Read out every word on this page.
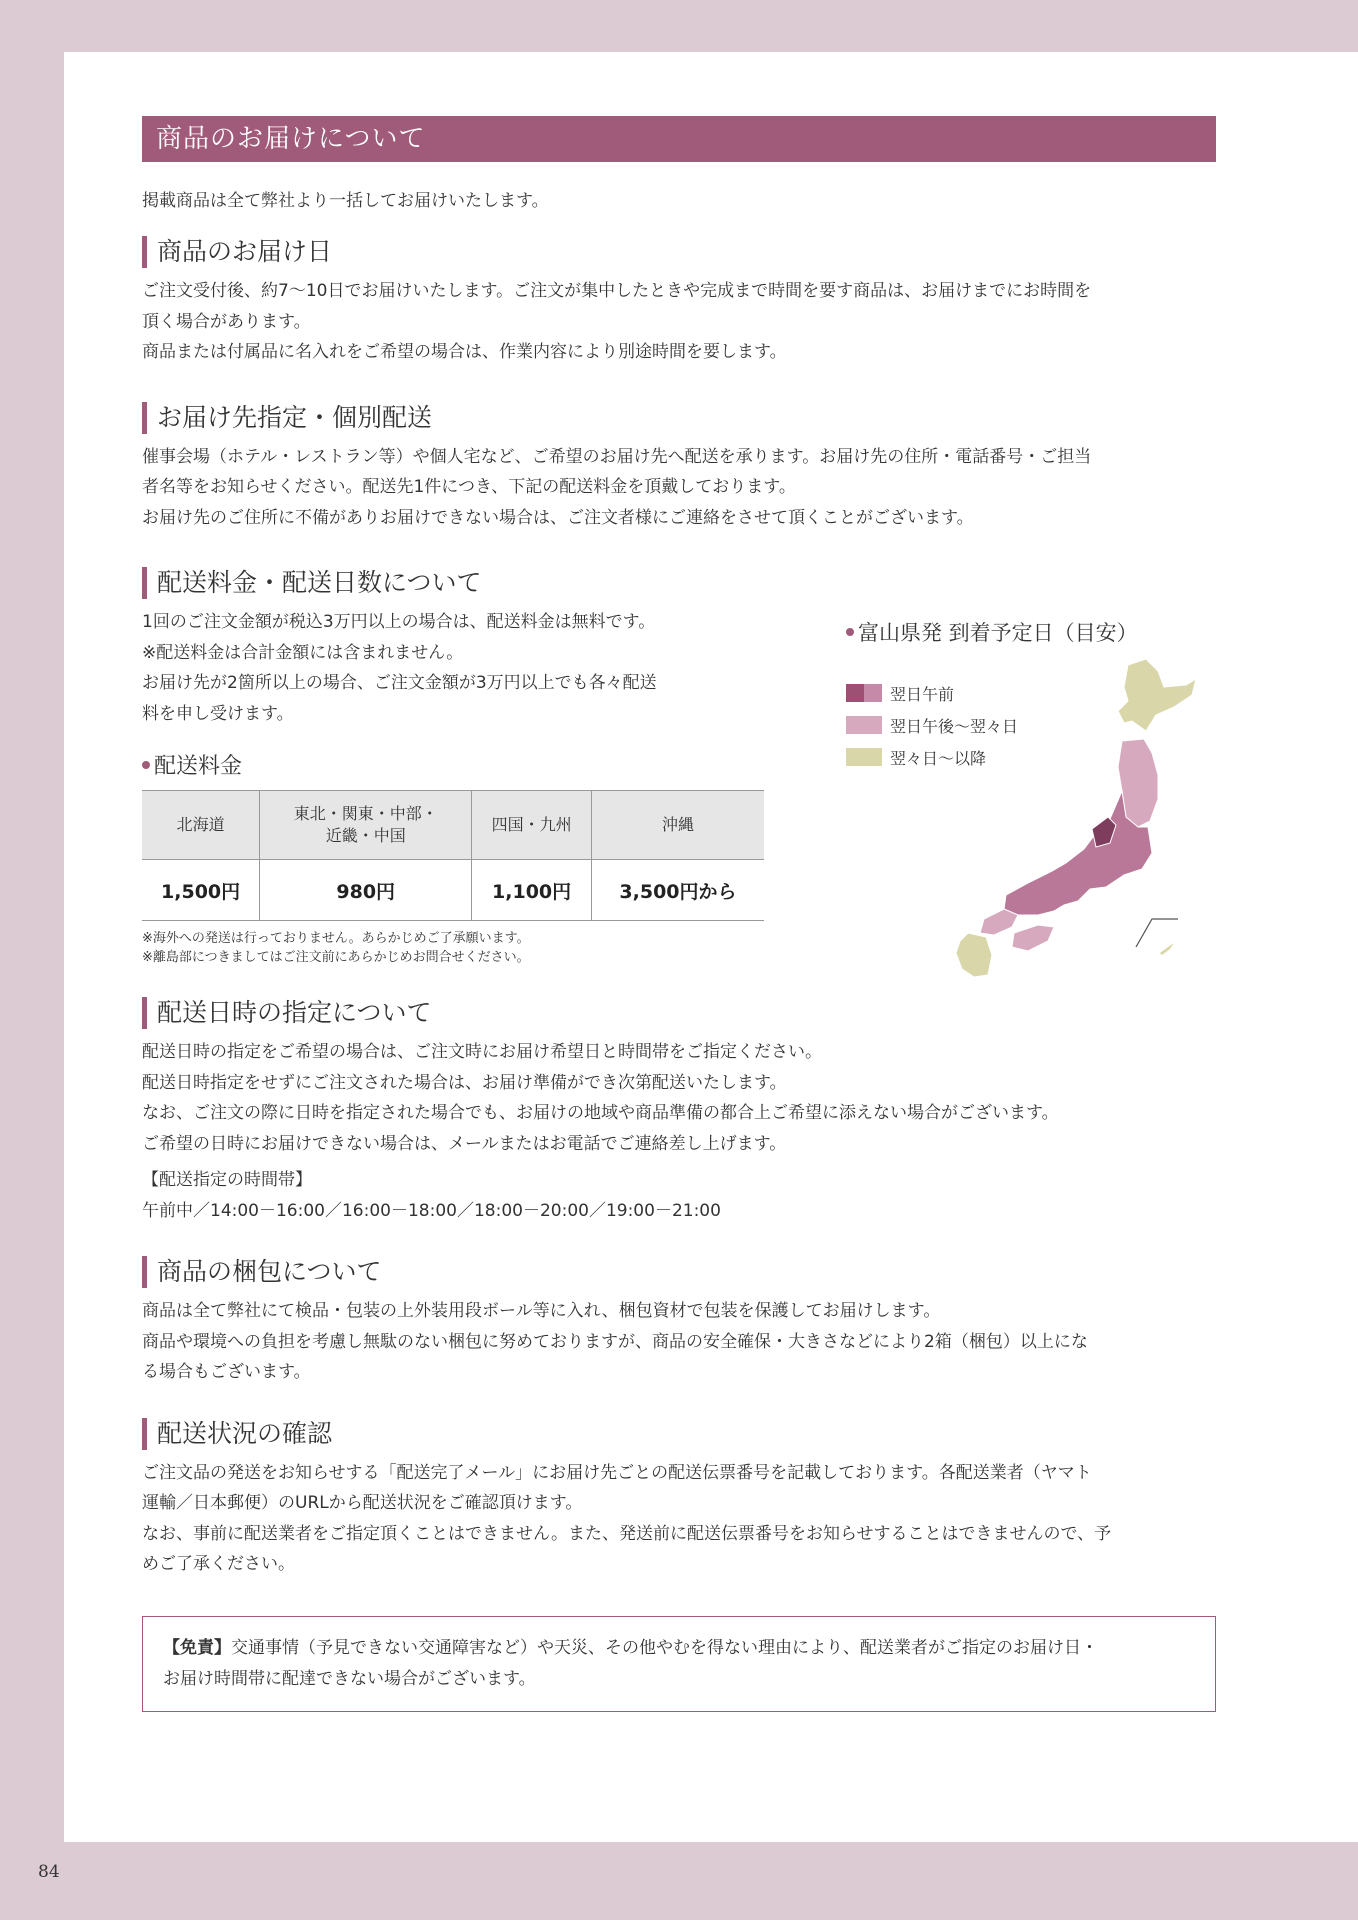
84
商品のお届けについて
掲載商品は全て弊社より一括してお届けいたします。
商品のお届け日

ご注文受付後、約7〜10日でお届けいたします。ご注文が集中したときや完成まで時間を要す商品は、お届けまでにお時間を

頂く場合があります。

商品または付属品に名入れをご希望の場合は、作業内容により別途時間を要します。

お届け先指定・個別配送

催事会場（ホテル・レストラン等）や個人宅など、ご希望のお届け先へ配送を承ります。お届け先の住所・電話番号・ご担当

者名等をお知らせください。配送先1件につき、下記の配送料金を頂戴しております。

お届け先のご住所に不備がありお届けできない場合は、ご注文者様にご連絡をさせて頂くことがございます。

配送料金・配送日数について

1回のご注文金額が税込3万円以上の場合は、配送料金は無料です。

※配送料金は合計金額には含まれません。

お届け先が2箇所以上の場合、ご注文金額が3万円以上でも各々配送

料を申し受けます。

配送料金
北海道	東北・関東・中部・
近畿・中国	四国・九州	沖縄
1,500円	980円	1,100円	3,500円から
※海外への発送は行っておりません。あらかじめご了承願います。
※離島部につきましてはご注文前にあらかじめお問合せください。
富山県発 到着予定日（目安）
翌日午前
翌日午後〜翌々日
翌々日〜以降
配送日時の指定について

配送日時の指定をご希望の場合は、ご注文時にお届け希望日と時間帯をご指定ください。

配送日時指定をせずにご注文された場合は、お届け準備ができ次第配送いたします。

なお、ご注文の際に日時を指定された場合でも、お届けの地域や商品準備の都合上ご希望に添えない場合がございます。

ご希望の日時にお届けできない場合は、メールまたはお電話でご連絡差し上げます。

【配送指定の時間帯】

午前中／14:00－16:00／16:00－18:00／18:00－20:00／19:00－21:00

商品の梱包について

商品は全て弊社にて検品・包装の上外装用段ボール等に入れ、梱包資材で包装を保護してお届けします。

商品や環境への負担を考慮し無駄のない梱包に努めておりますが、商品の安全確保・大きさなどにより2箱（梱包）以上にな

る場合もございます。

配送状況の確認

ご注文品の発送をお知らせする「配送完了メール」にお届け先ごとの配送伝票番号を記載しております。各配送業者（ヤマト

運輸／日本郵便）のURLから配送状況をご確認頂けます。

なお、事前に配送業者をご指定頂くことはできません。また、発送前に配送伝票番号をお知らせすることはできませんので、予

めご了承ください。

【免責】交通事情（予見できない交通障害など）や天災、その他やむを得ない理由により、配送業者がご指定のお届け日・
お届け時間帯に配達できない場合がございます。
